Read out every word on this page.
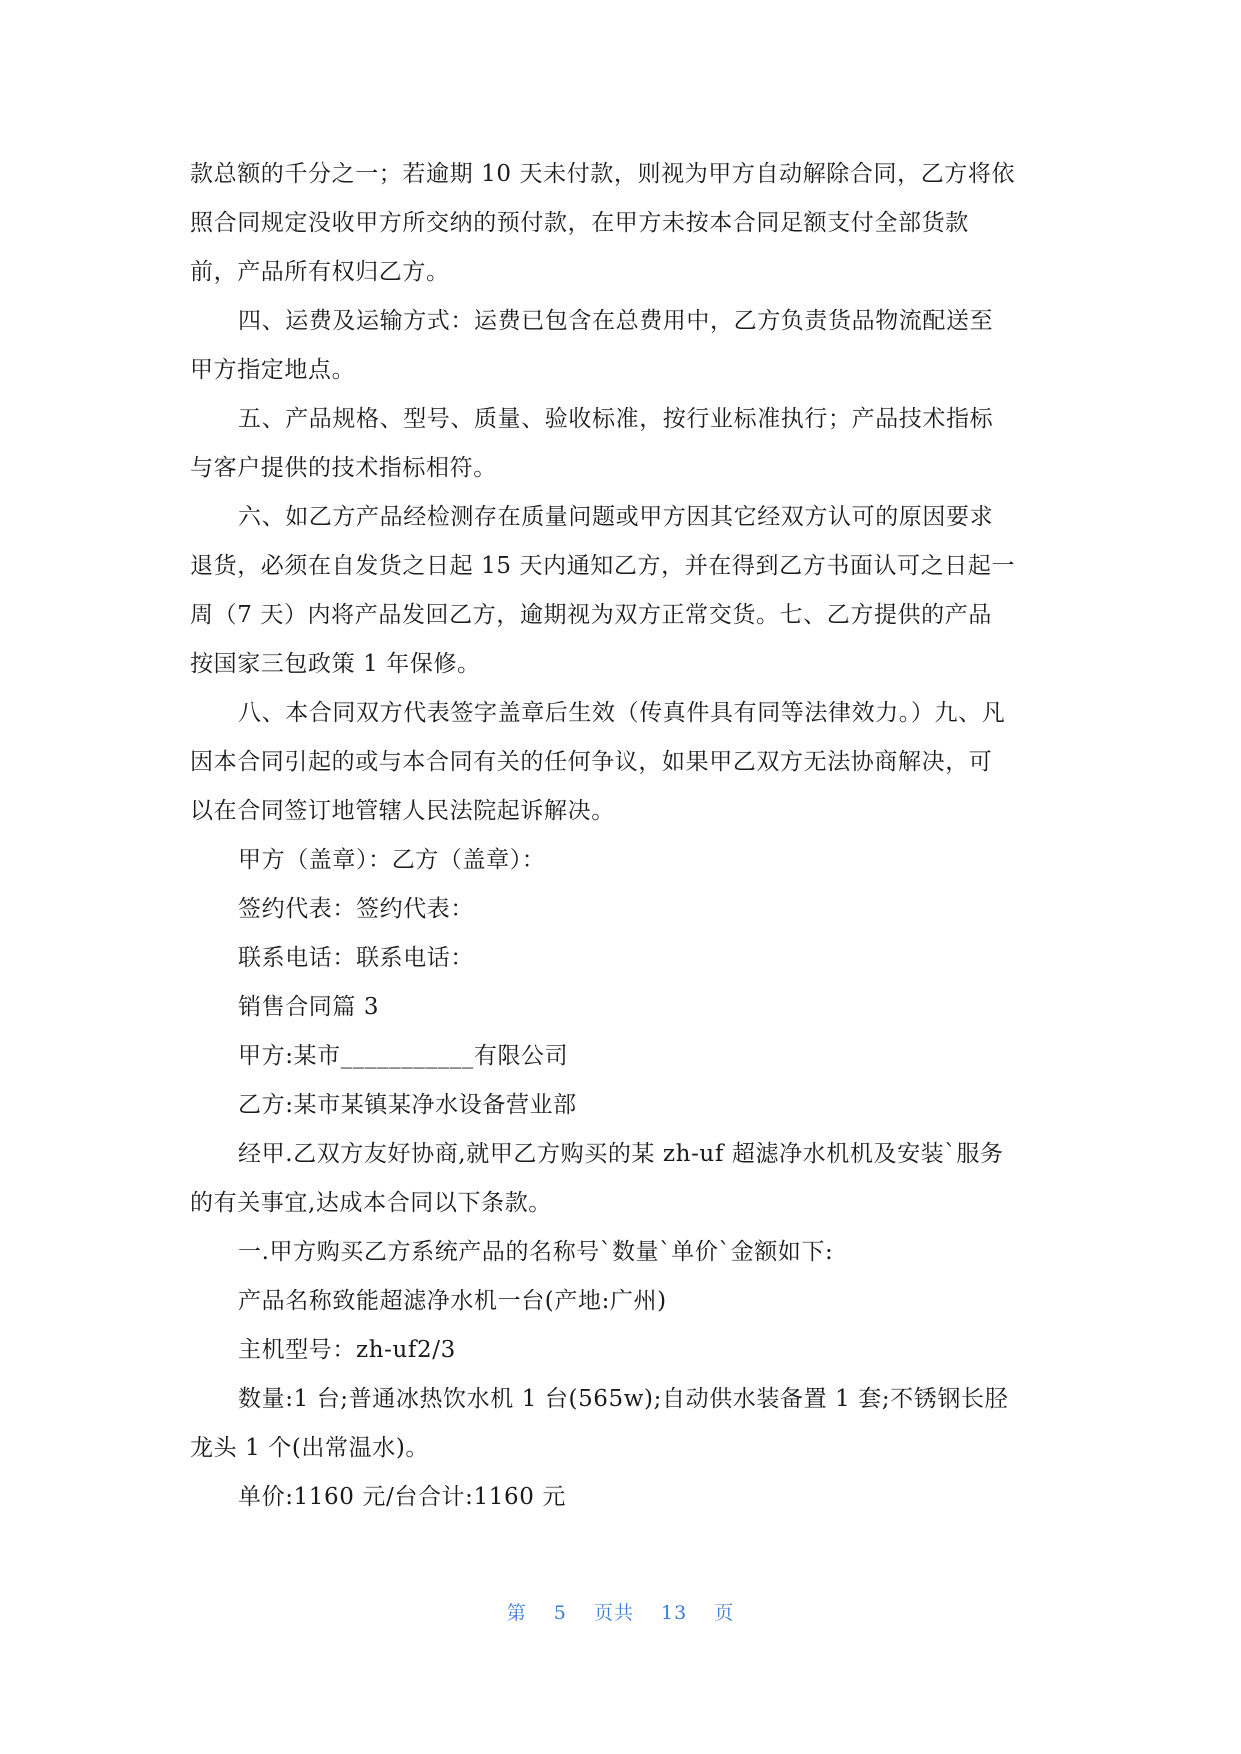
款总额的千分之一；若逾期 10 天未付款，则视为甲方自动解除合同，乙方将依
照合同规定没收甲方所交纳的预付款，在甲方未按本合同足额支付全部货款
前，产品所有权归乙方。
四、运费及运输方式：运费已包含在总费用中，乙方负责货品物流配送至
甲方指定地点。
五、产品规格、型号、质量、验收标准，按行业标准执行；产品技术指标
与客户提供的技术指标相符。
六、如乙方产品经检测存在质量问题或甲方因其它经双方认可的原因要求
退货，必须在自发货之日起 15 天内通知乙方，并在得到乙方书面认可之日起一
周（7 天）内将产品发回乙方，逾期视为双方正常交货。七、乙方提供的产品
按国家三包政策 1 年保修。
八、本合同双方代表签字盖章后生效（传真件具有同等法律效力。）九、凡
因本合同引起的或与本合同有关的任何争议，如果甲乙双方无法协商解决，可
以在合同签订地管辖人民法院起诉解决。
甲方（盖章）：乙方（盖章）：
签约代表：签约代表：
联系电话：联系电话：
销售合同篇 3
甲方:某市___________有限公司
乙方:某市某镇某净水设备营业部
经甲.乙双方友好协商,就甲乙方购买的某 zh-uf 超滤净水机机及安装`服务
的有关事宜,达成本合同以下条款。
一.甲方购买乙方系统产品的名称号`数量`单价`金额如下:
产品名称致能超滤净水机一台(产地:广州)
主机型号：zh-uf2/3
数量:1 台;普通冰热饮水机 1 台(565w);自动供水装备置 1 套;不锈钢长胫
龙头 1 个(出常温水)。
单价:1160 元/台合计:1160 元
第 5 页共 13 页
